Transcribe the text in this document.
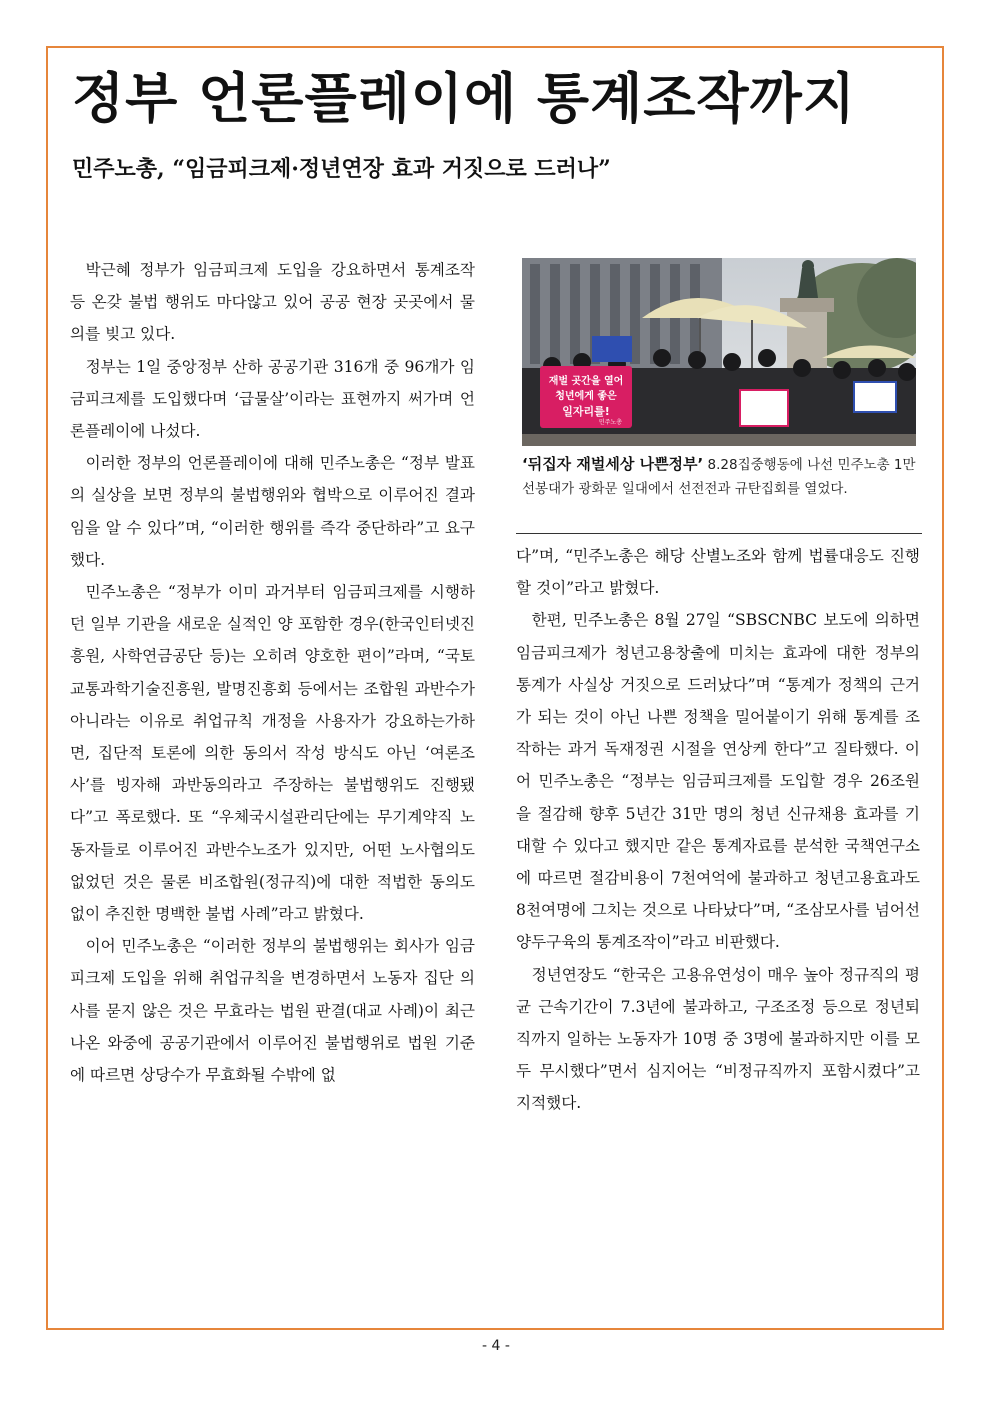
정부 언론플레이에 통계조작까지
민주노총, “임금피크제·정년연장 효과 거짓으로 드러나”

박근혜 정부가 임금피크제 도입을 강요하면서 통계조작 등 온갖 불법 행위도 마다않고 있어 공공 현장 곳곳에서 물의를 빚고 있다.

정부는 1일 중앙정부 산하 공공기관 316개 중 96개가 임금피크제를 도입했다며 ‘급물살’이라는 표현까지 써가며 언론플레이에 나섰다.

이러한 정부의 언론플레이에 대해 민주노총은 “정부 발표의 실상을 보면 정부의 불법행위와 협박으로 이루어진 결과임을 알 수 있다”며, “이러한 행위를 즉각 중단하라”고 요구했다.

민주노총은 “정부가 이미 과거부터 임금피크제를 시행하던 일부 기관을 새로운 실적인 양 포함한 경우(한국인터넷진흥원, 사학연금공단 등)는 오히려 양호한 편이”라며, “국토교통과학기술진흥원, 발명진흥회 등에서는 조합원 과반수가 아니라는 이유로 취업규칙 개정을 사용자가 강요하는가하면, 집단적 토론에 의한 동의서 작성 방식도 아닌 ‘여론조사’를 빙자해 과반동의라고 주장하는 불법행위도 진행됐다”고 폭로했다. 또 “우체국시설관리단에는 무기계약직 노동자들로 이루어진 과반수노조가 있지만, 어떤 노사협의도 없었던 것은 물론 비조합원(정규직)에 대한 적법한 동의도 없이 추진한 명백한 불법 사례”라고 밝혔다.

이어 민주노총은 “이러한 정부의 불법행위는 회사가 임금피크제 도입을 위해 취업규칙을 변경하면서 노동자 집단 의사를 묻지 않은 것은 무효라는 법원 판결(대교 사례)이 최근 나온 와중에 공공기관에서 이루어진 불법행위로 법원 기준에 따르면 상당수가 무효화될 수밖에 없

재벌 곳간을 열어
청년에게 좋은
일자리를!
민주노총
‘뒤집자 재벌세상 나쁜정부’ 8.28집중행동에 나선 민주노총 1만 선봉대가 광화문 일대에서 선전전과 규탄집회를 열었다.

다”며, “민주노총은 해당 산별노조와 함께 법률대응도 진행할 것이”라고 밝혔다.

한편, 민주노총은 8월 27일 “SBSCNBC 보도에 의하면 임금피크제가 청년고용창출에 미치는 효과에 대한 정부의 통계가 사실상 거짓으로 드러났다”며 “통계가 정책의 근거가 되는 것이 아닌 나쁜 정책을 밀어붙이기 위해 통계를 조작하는 과거 독재정권 시절을 연상케 한다”고 질타했다. 이어 민주노총은 “정부는 임금피크제를 도입할 경우 26조원을 절감해 향후 5년간 31만 명의 청년 신규채용 효과를 기대할 수 있다고 했지만 같은 통계자료를 분석한 국책연구소에 따르면 절감비용이 7천여억에 불과하고 청년고용효과도 8천여명에 그치는 것으로 나타났다”며, “조삼모사를 넘어선 양두구육의 통계조작이”라고 비판했다.

정년연장도 “한국은 고용유연성이 매우 높아 정규직의 평균 근속기간이 7.3년에 불과하고, 구조조정 등으로 정년퇴직까지 일하는 노동자가 10명 중 3명에 불과하지만 이를 모두 무시했다”면서 심지어는 “비정규직까지 포함시켰다”고 지적했다.

- 4 -
